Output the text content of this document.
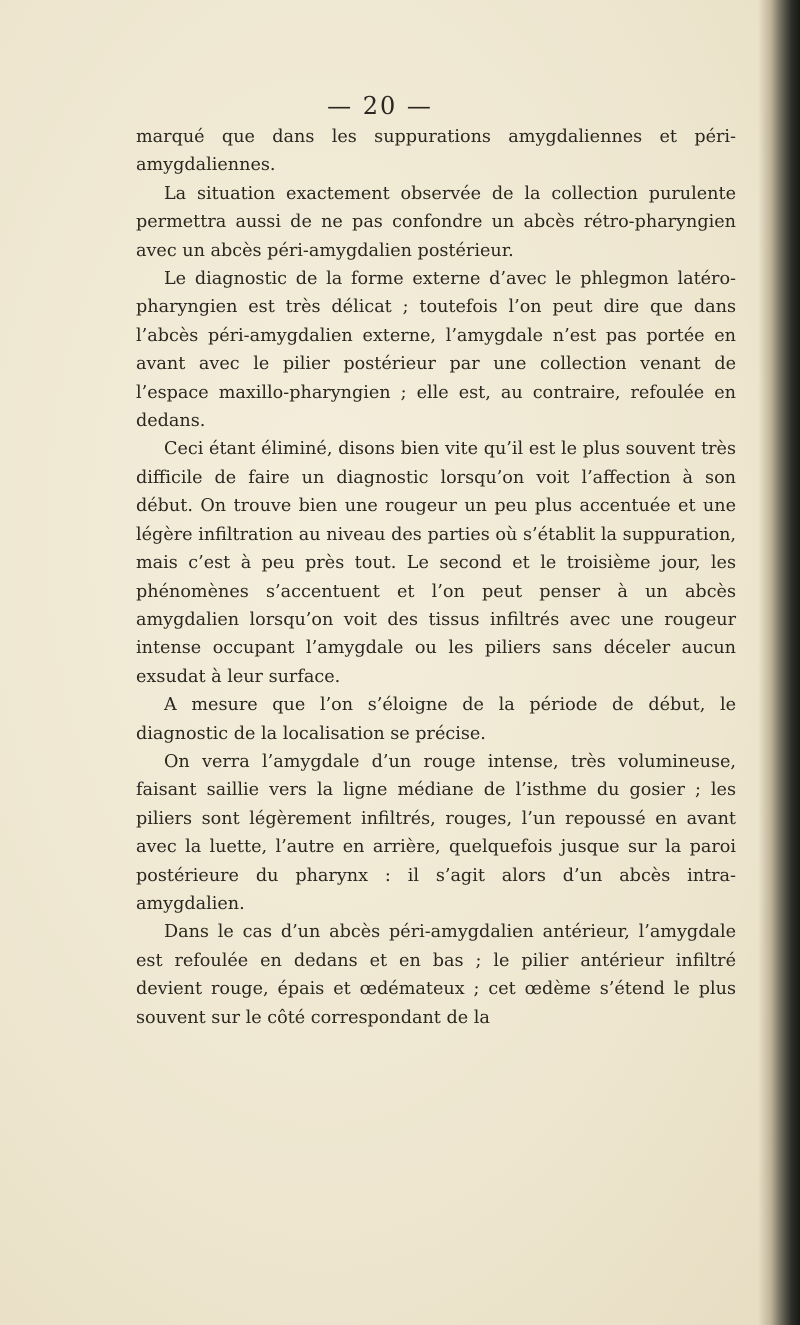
— 20 —

marqué que dans les suppurations amygdaliennes et péri-amygdaliennes.

La situation exactement observée de la collection purulente permettra aussi de ne pas confondre un abcès rétro-pharyngien avec un abcès péri-amygdalien postérieur.

Le diagnostic de la forme externe d’avec le phlegmon latéro-pharyngien est très délicat ; toutefois l’on peut dire que dans l’abcès péri-amygdalien externe, l’amygdale n’est pas portée en avant avec le pilier postérieur par une collection venant de l’espace maxillo-pharyngien ; elle est, au contraire, refoulée en dedans.

Ceci étant éliminé, disons bien vite qu’il est le plus souvent très difficile de faire un diagnostic lorsqu’on voit l’affection à son début. On trouve bien une rougeur un peu plus accentuée et une légère infiltration au niveau des parties où s’établit la suppuration, mais c’est à peu près tout. Le second et le troisième jour, les phénomènes s’accentuent et l’on peut penser à un abcès amygdalien lorsqu’on voit des tissus infiltrés avec une rougeur intense occupant l’amygdale ou les piliers sans déceler aucun exsudat à leur surface.

A mesure que l’on s’éloigne de la période de début, le diagnostic de la localisation se précise.

On verra l’amygdale d’un rouge intense, très volumineuse, faisant saillie vers la ligne médiane de l’isthme du gosier ; les piliers sont légèrement infiltrés, rouges, l’un repoussé en avant avec la luette, l’autre en arrière, quelquefois jusque sur la paroi postérieure du pharynx : il s’agit alors d’un abcès intra-amygdalien.

Dans le cas d’un abcès péri-amygdalien antérieur, l’amygdale est refoulée en dedans et en bas ; le pilier antérieur infiltré devient rouge, épais et œdémateux ; cet œdème s’étend le plus souvent sur le côté correspondant de la
